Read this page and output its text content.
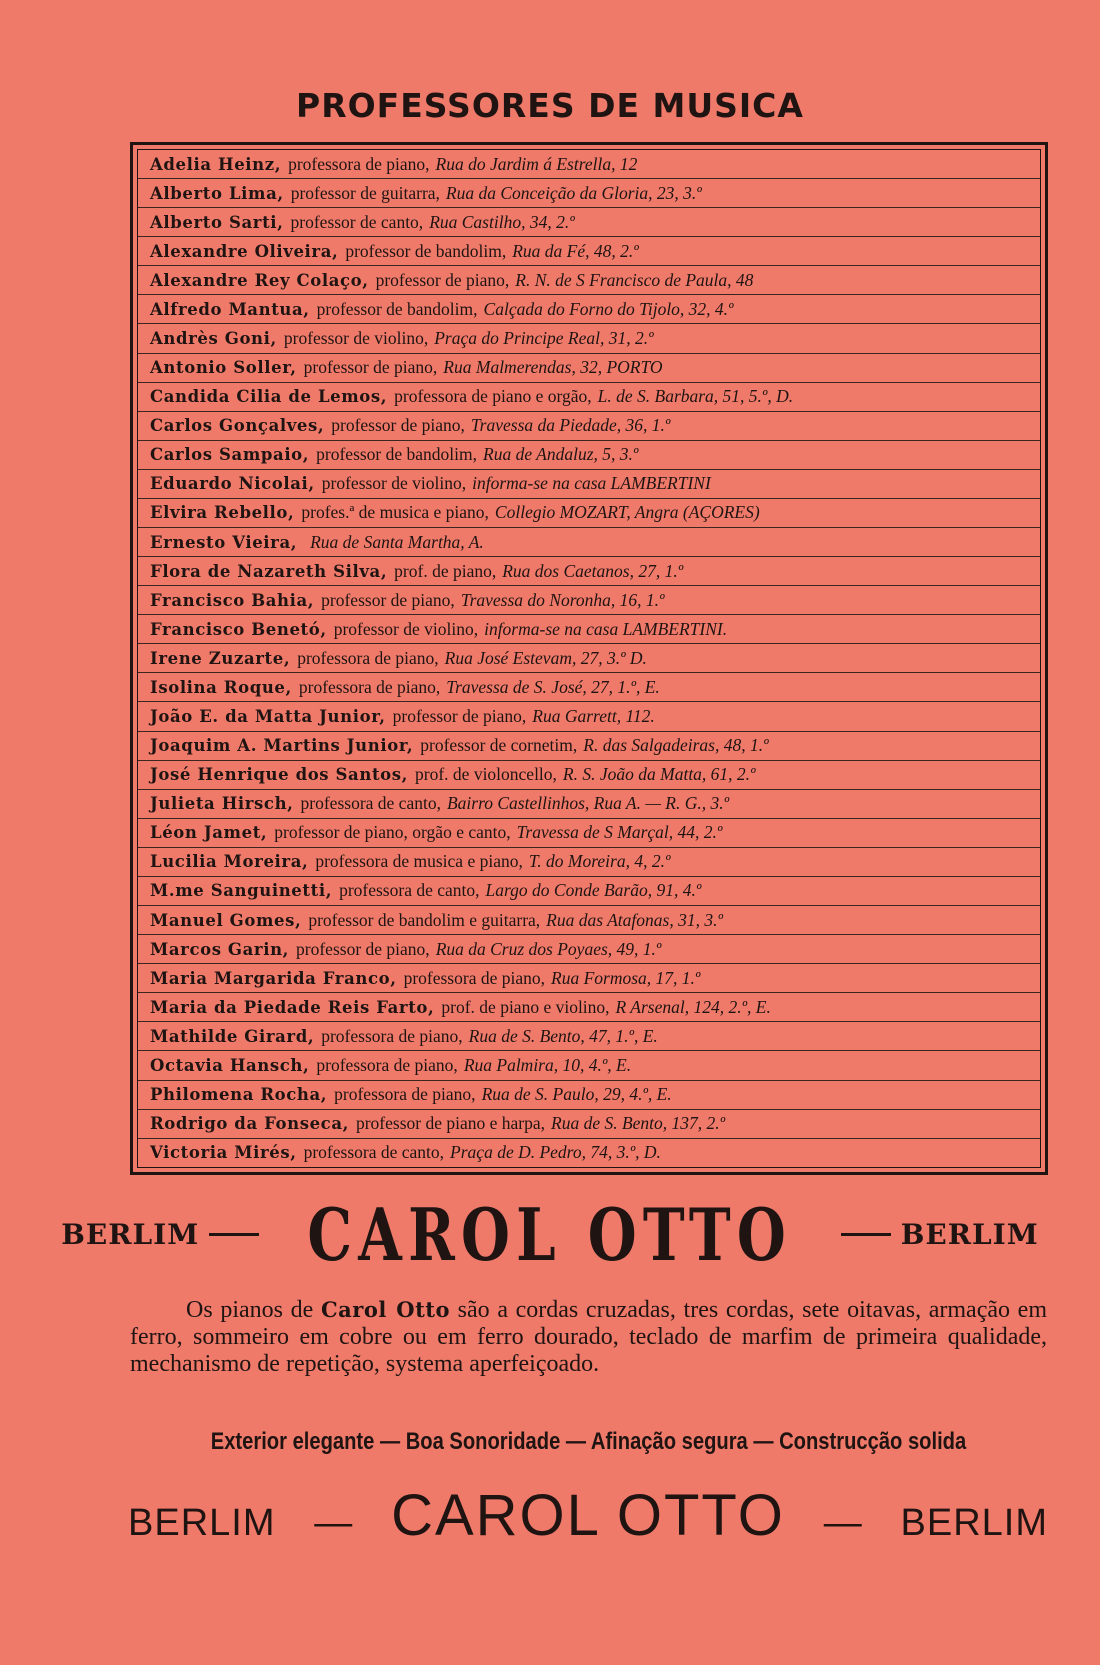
PROFESSORES DE MUSICA
Adelia Heinz, professora de piano, Rua do Jardim á Estrella, 12
Alberto Lima, professor de guitarra, Rua da Conceição da Gloria, 23, 3.º
Alberto Sarti, professor de canto, Rua Castilho, 34, 2.º
Alexandre Oliveira, professor de bandolim, Rua da Fé, 48, 2.º
Alexandre Rey Colaço, professor de piano, R. N. de S Francisco de Paula, 48
Alfredo Mantua, professor de bandolim, Calçada do Forno do Tijolo, 32, 4.º
Andrès Goni, professor de violino, Praça do Principe Real, 31, 2.º
Antonio Soller, professor de piano, Rua Malmerendas, 32, PORTO
Candida Cilia de Lemos, professora de piano e orgão, L. de S. Barbara, 51, 5.º, D.
Carlos Gonçalves, professor de piano, Travessa da Piedade, 36, 1.º
Carlos Sampaio, professor de bandolim, Rua de Andaluz, 5, 3.º
Eduardo Nicolai, professor de violino, informa-se na casa LAMBERTINI
Elvira Rebello, profes.ª de musica e piano, Collegio MOZART, Angra (AÇORES)
Ernesto Vieira, Rua de Santa Martha, A.
Flora de Nazareth Silva, prof. de piano, Rua dos Caetanos, 27, 1.º
Francisco Bahia, professor de piano, Travessa do Noronha, 16, 1.º
Francisco Benetó, professor de violino, informa-se na casa LAMBERTINI.
Irene Zuzarte, professora de piano, Rua José Estevam, 27, 3.º D.
Isolina Roque, professora de piano, Travessa de S. José, 27, 1.º, E.
João E. da Matta Junior, professor de piano, Rua Garrett, 112.
Joaquim A. Martins Junior, professor de cornetim, R. das Salgadeiras, 48, 1.º
José Henrique dos Santos, prof. de violoncello, R. S. João da Matta, 61, 2.º
Julieta Hirsch, professora de canto, Bairro Castellinhos, Rua A. — R. G., 3.º
Léon Jamet, professor de piano, orgão e canto, Travessa de S Marçal, 44, 2.º
Lucilia Moreira, professora de musica e piano, T. do Moreira, 4, 2.º
M.me Sanguinetti, professora de canto, Largo do Conde Barão, 91, 4.º
Manuel Gomes, professor de bandolim e guitarra, Rua das Atafonas, 31, 3.º
Marcos Garin, professor de piano, Rua da Cruz dos Poyaes, 49, 1.º
Maria Margarida Franco, professora de piano, Rua Formosa, 17, 1.º
Maria da Piedade Reis Farto, prof. de piano e violino, R Arsenal, 124, 2.º, E.
Mathilde Girard, professora de piano, Rua de S. Bento, 47, 1.º, E.
Octavia Hansch, professora de piano, Rua Palmira, 10, 4.º, E.
Philomena Rocha, professora de piano, Rua de S. Paulo, 29, 4.º, E.
Rodrigo da Fonseca, professor de piano e harpa, Rua de S. Bento, 137, 2.º
Victoria Mirés, professora de canto, Praça de D. Pedro, 74, 3.º, D.
BERLIM CAROL OTTO	BERLIM

Os pianos de Carol Otto são a cordas cruzadas, tres cordas, sete oitavas, armação em ferro, sommeiro em cobre ou em ferro dourado, teclado de marfim de primeira qualidade, mechanismo de repetição, systema aperfeiçoado.

Exterior elegante — Boa Sonoridade — Afinação segura — Construcção solida
BERLIM — CAROL OTTO — BERLIM
